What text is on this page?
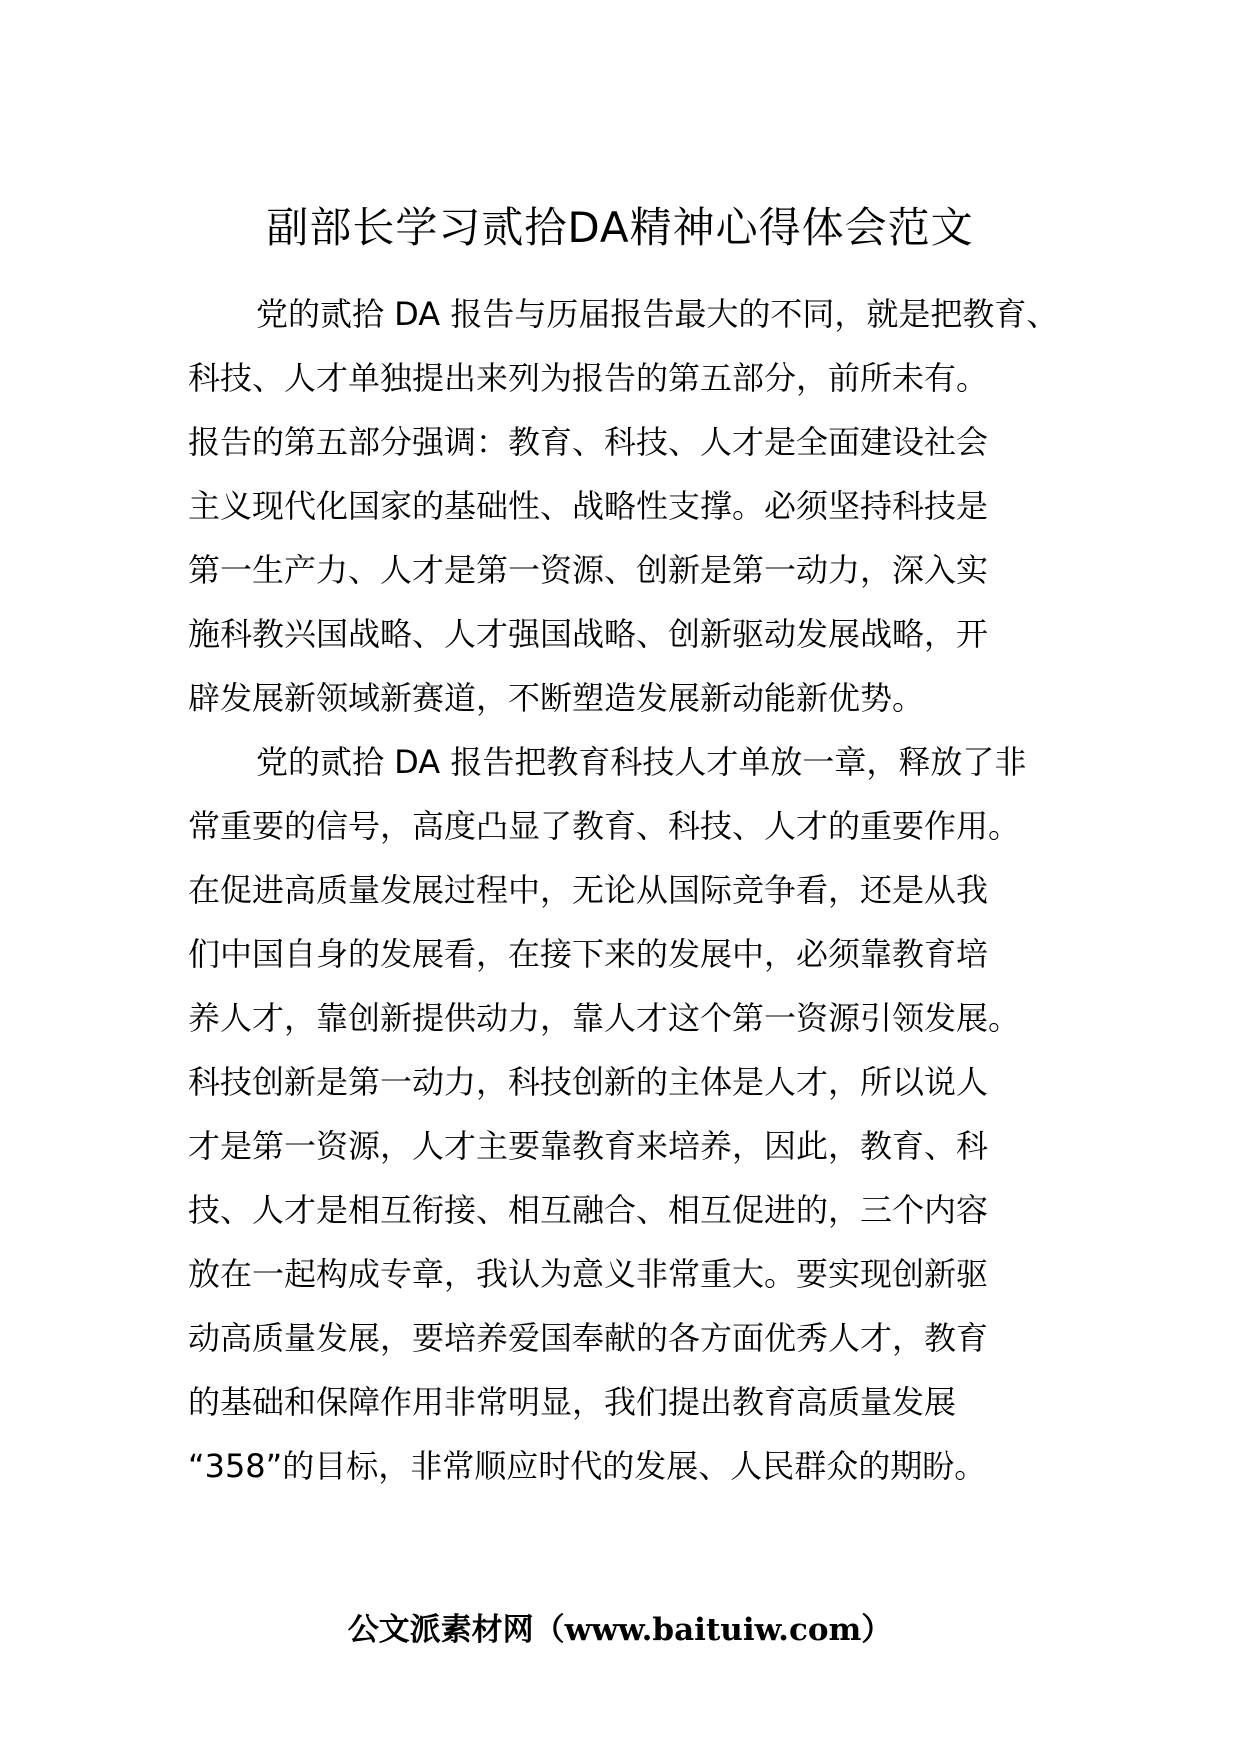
副部长学习贰拾DA精神心得体会范文
党的贰拾 DA 报告与历届报告最大的不同，就是把教育、
科技、人才单独提出来列为报告的第五部分，前所未有。
报告的第五部分强调：教育、科技、人才是全面建设社会
主义现代化国家的基础性、战略性支撑。必须坚持科技是
第一生产力、人才是第一资源、创新是第一动力，深入实
施科教兴国战略、人才强国战略、创新驱动发展战略，开
辟发展新领域新赛道，不断塑造发展新动能新优势。
党的贰拾 DA 报告把教育科技人才单放一章，释放了非
常重要的信号，高度凸显了教育、科技、人才的重要作用。
在促进高质量发展过程中，无论从国际竞争看，还是从我
们中国自身的发展看，在接下来的发展中，必须靠教育培
养人才，靠创新提供动力，靠人才这个第一资源引领发展。
科技创新是第一动力，科技创新的主体是人才，所以说人
才是第一资源，人才主要靠教育来培养，因此，教育、科
技、人才是相互衔接、相互融合、相互促进的，三个内容
放在一起构成专章，我认为意义非常重大。要实现创新驱
动高质量发展，要培养爱国奉献的各方面优秀人才，教育
的基础和保障作用非常明显，我们提出教育高质量发展
“358”的目标，非常顺应时代的发展、人民群众的期盼。
公文派素材网（www.baituiw.com）
